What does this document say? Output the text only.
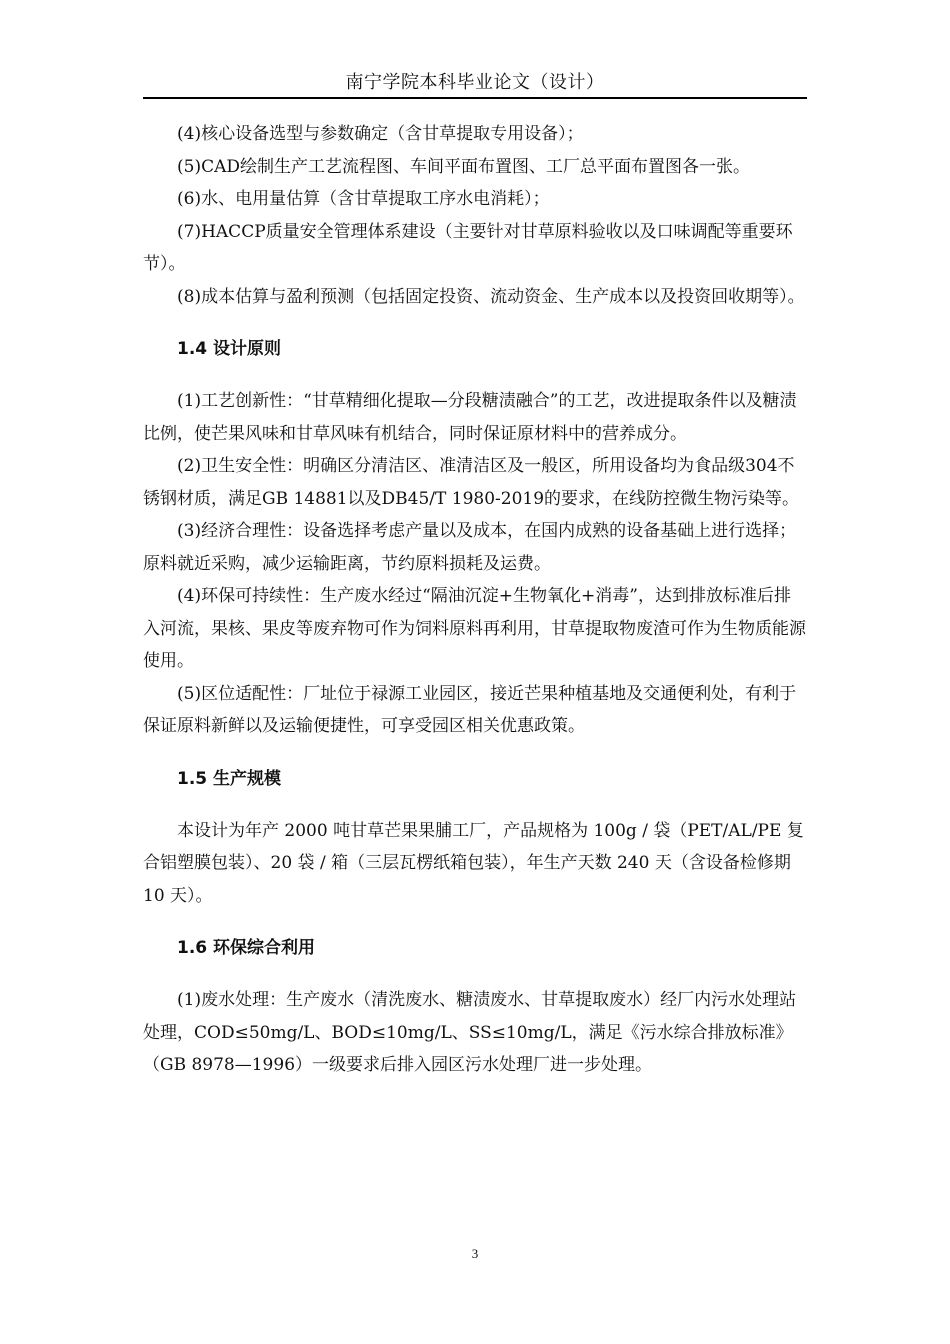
南宁学院本科毕业论文（设计）

(4)核心设备选型与参数确定（含甘草提取专用设备）；

(5)CAD绘制生产工艺流程图、车间平面布置图、工厂总平面布置图各一张。

(6)水、电用量估算（含甘草提取工序水电消耗）；

(7)HACCP质量安全管理体系建设（主要针对甘草原料验收以及口味调配等重要环节）。

(8)成本估算与盈利预测（包括固定投资、流动资金、生产成本以及投资回收期等）。

1.4 设计原则

(1)工艺创新性：“甘草精细化提取—分段糖渍融合”的工艺，改进提取条件以及糖渍比例，使芒果风味和甘草风味有机结合，同时保证原材料中的营养成分。

(2)卫生安全性：明确区分清洁区、准清洁区及一般区，所用设备均为食品级304不锈钢材质，满足GB 14881以及DB45/T 1980-2019的要求，在线防控微生物污染等。

(3)经济合理性：设备选择考虑产量以及成本，在国内成熟的设备基础上进行选择；原料就近采购，减少运输距离，节约原料损耗及运费。

(4)环保可持续性：生产废水经过“隔油沉淀+生物氧化+消毒”，达到排放标准后排入河流，果核、果皮等废弃物可作为饲料原料再利用，甘草提取物废渣可作为生物质能源使用。

(5)区位适配性：厂址位于禄源工业园区，接近芒果种植基地及交通便利处，有利于保证原料新鲜以及运输便捷性，可享受园区相关优惠政策。

1.5 生产规模

本设计为年产 2000 吨甘草芒果果脯工厂，产品规格为 100g / 袋（PET/AL/PE 复合铝塑膜包装）、20 袋 / 箱（三层瓦楞纸箱包装），年生产天数 240 天（含设备检修期 10 天）。

1.6 环保综合利用

(1)废水处理：生产废水（清洗废水、糖渍废水、甘草提取废水）经厂内污水处理站处理，COD≤50mg/L、BOD≤10mg/L、SS≤10mg/L，满足《污水综合排放标准》（GB 8978—1996）一级要求后排入园区污水处理厂进一步处理。

3
